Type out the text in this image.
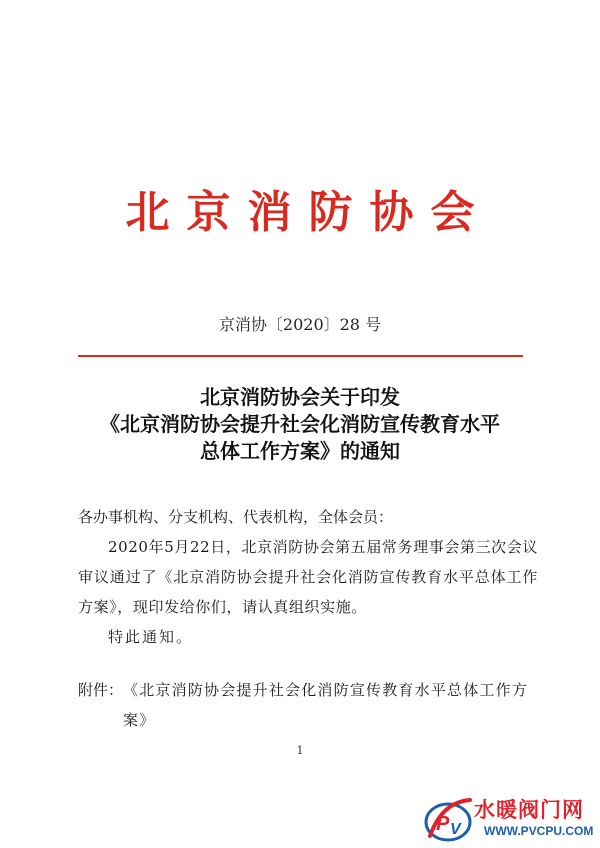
北京消防协会
京消协〔2020〕28 号
北京消防协会关于印发
《北京消防协会提升社会化消防宣传教育水平
总体工作方案》的通知
各办事机构、分支机构、代表机构，全体会员：
2020年5月22日，北京消防协会第五届常务理事会第三次会议审议通过了《北京消防协会提升社会化消防宣传教育水平总体工作方案》，现印发给你们，请认真组织实施。
特此通知。
附件： 《北京消防协会提升社会化消防宣传教育水平总体工作方案》
1
P V
水暖阀门网
WWW.PVCPU.COM
